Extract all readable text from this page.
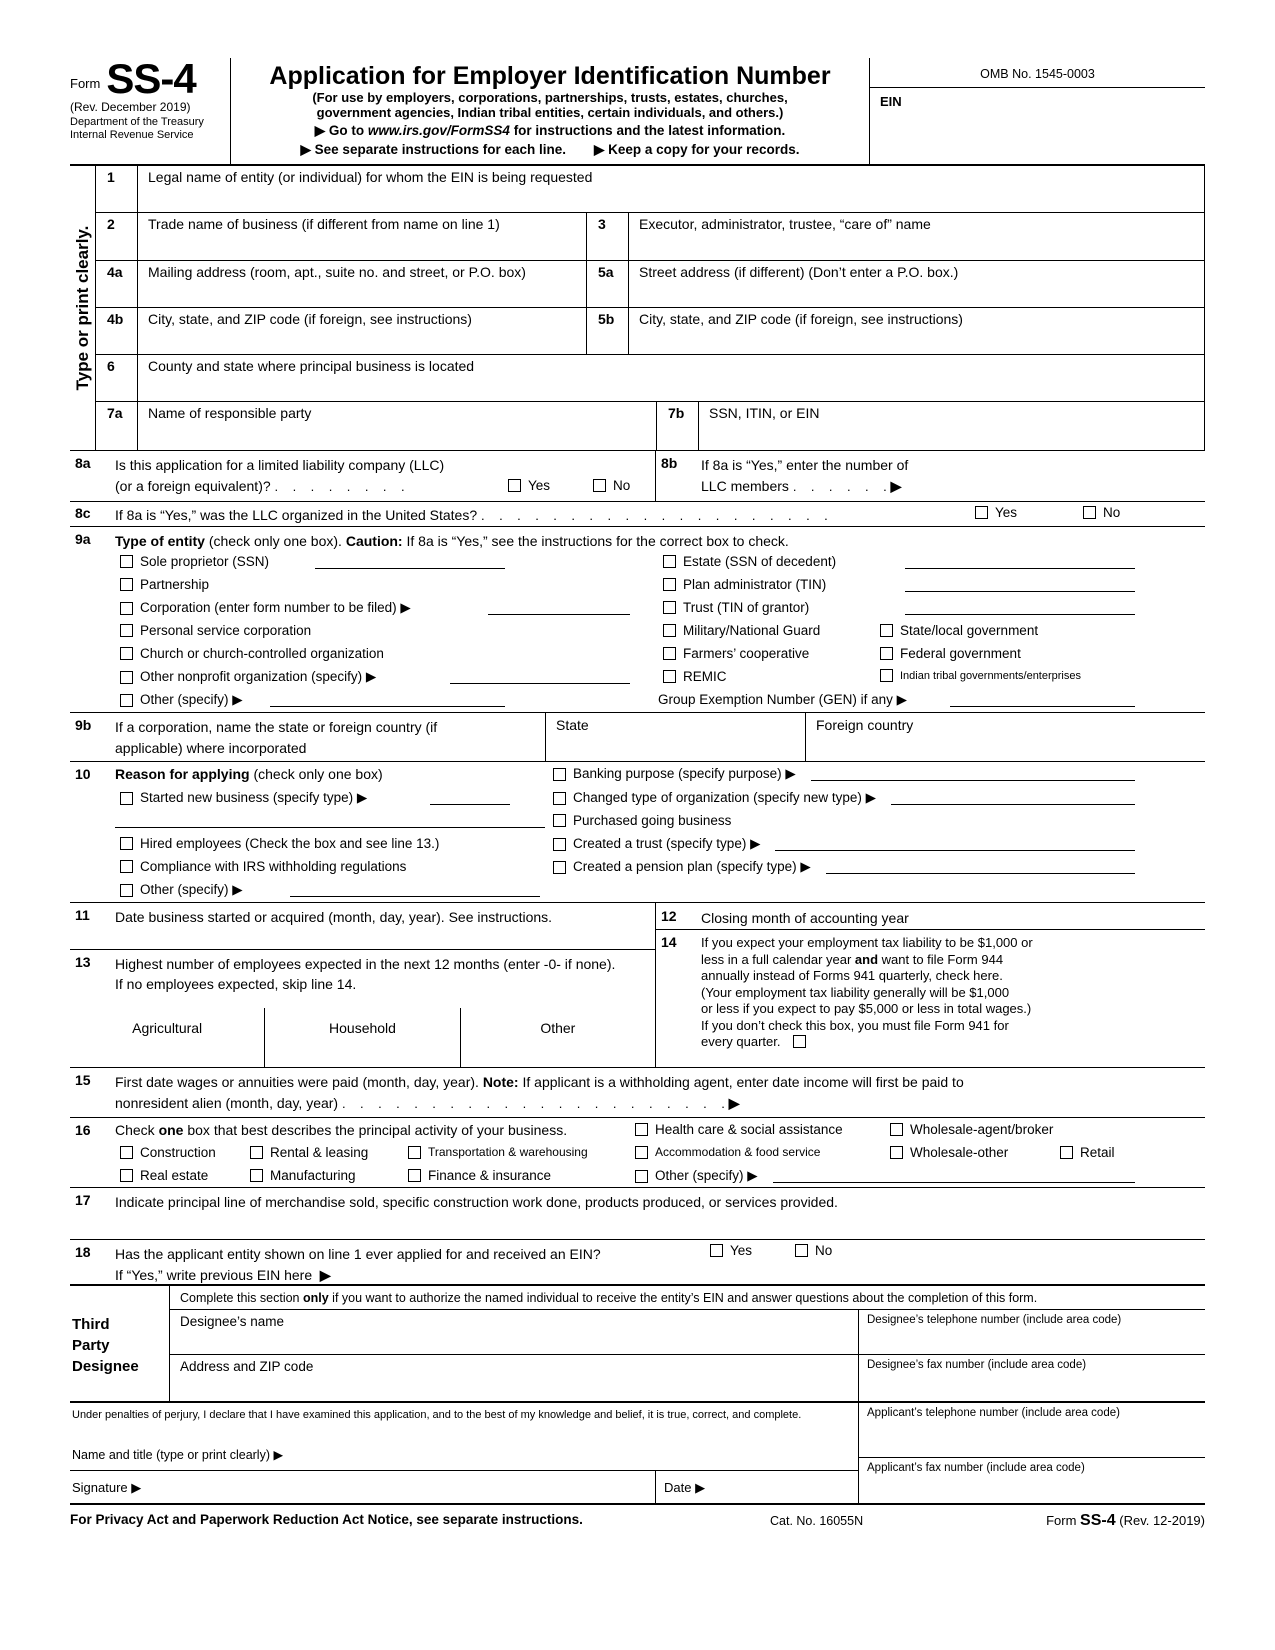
Form SS-4
(Rev. December 2019)
Department of the Treasury
Internal Revenue Service
Application for Employer Identification Number
(For use by employers, corporations, partnerships, trusts, estates, churches,
government agencies, Indian tribal entities, certain individuals, and others.)
▶ Go to www.irs.gov/FormSS4 for instructions and the latest information.
▶ See separate instructions for each line. ▶ Keep a copy for your records.
OMB No. 1545-0003
EIN
Type or print clearly.
1	Legal name of entity (or individual) for whom the EIN is being requested
2	Trade name of business (if different from name on line 1)	3	Executor, administrator, trustee, “care of” name
4a	Mailing address (room, apt., suite no. and street, or P.O. box)	5a	Street address (if different) (Don’t enter a P.O. box.)
4b	City, state, and ZIP code (if foreign, see instructions)	5b	City, state, and ZIP code (if foreign, see instructions)
6	County and state where principal business is located
7a	Name of responsible party	7b	SSN, ITIN, or EIN
8a	Is this application for a limited liability company (LLC)
(or a foreign equivalent)? .    .    .    .    .    .    .    .	Yes	No
8b	If 8a is “Yes,” enter the number of
LLC members .    .    .    .    .    . ▶
8c	If 8a is “Yes,” was the LLC organized in the United States? .    .    .    .    .    .    .    .    .    .    .    .    .    .    .    .    .    .    .    .	Yes	No
9a	Type of entity (check only one box). Caution: If 8a is “Yes,” see the instructions for the correct box to check.
Sole proprietor (SSN)	Estate (SSN of decedent)
Partnership	Plan administrator (TIN)
Corporation (enter form number to be filed) ▶	Trust (TIN of grantor)
Personal service corporation	Military/National Guard	State/local government
Church or church-controlled organization	Farmers’ cooperative	Federal government
Other nonprofit organization (specify) ▶	REMIC	Indian tribal governments/enterprises
Other (specify) ▶	Group Exemption Number (GEN) if any ▶
9b	If a corporation, name the state or foreign country (if
applicable) where incorporated
State	Foreign country
10	Reason for applying (check only one box)	Banking purpose (specify purpose) ▶
Started new business (specify type) ▶	Changed type of organization (specify new type) ▶
Purchased going business
Hired employees (Check the box and see line 13.)	Created a trust (specify type) ▶
Compliance with IRS withholding regulations	Created a pension plan (specify type) ▶
Other (specify) ▶
11	Date business started or acquired (month, day, year). See instructions.
13	Highest number of employees expected in the next 12 months (enter -0- if none). If no employees expected, skip line 14.
Agricultural	Household	Other
12	Closing month of accounting year
14	If you expect your employment tax liability to be $1,000 or
less in a full calendar year and want to file Form 944
annually instead of Forms 941 quarterly, check here.
(Your employment tax liability generally will be $1,000
or less if you expect to pay $5,000 or less in total wages.)
If you don’t check this box, you must file Form 941 for
every quarter.
15	First date wages or annuities were paid (month, day, year). Note: If applicant is a withholding agent, enter date income will first be paid to
nonresident alien (month, day, year) .    .    .    .    .    .    .    .    .    .    .    .    .    .    .    .    .    .    .    .    .    . ▶
16	Check one box that best describes the principal activity of your business.	Health care & social assistance	Wholesale-agent/broker
Construction	Rental & leasing	Transportation & warehousing	Accommodation & food service	Wholesale-other	Retail
Real estate	Manufacturing	Finance & insurance	Other (specify) ▶
17	Indicate principal line of merchandise sold, specific construction work done, products produced, or services provided.
18	Has the applicant entity shown on line 1 ever applied for and received an EIN?
If “Yes,” write previous EIN here ▶
Yes	No
Third
Party
Designee
Complete this section only if you want to authorize the named individual to receive the entity’s EIN and answer questions about the completion of this form.
Designee’s name	Designee’s telephone number (include area code)
Address and ZIP code	Designee’s fax number (include area code)
Under penalties of perjury, I declare that I have examined this application, and to the best of my knowledge and belief, it is true, correct, and complete.
Name and title (type or print clearly) ▶
Signature ▶	Date ▶
Applicant’s telephone number (include area code)
Applicant’s fax number (include area code)
For Privacy Act and Paperwork Reduction Act Notice, see separate instructions.	Cat. No. 16055N	Form SS-4 (Rev. 12-2019)
